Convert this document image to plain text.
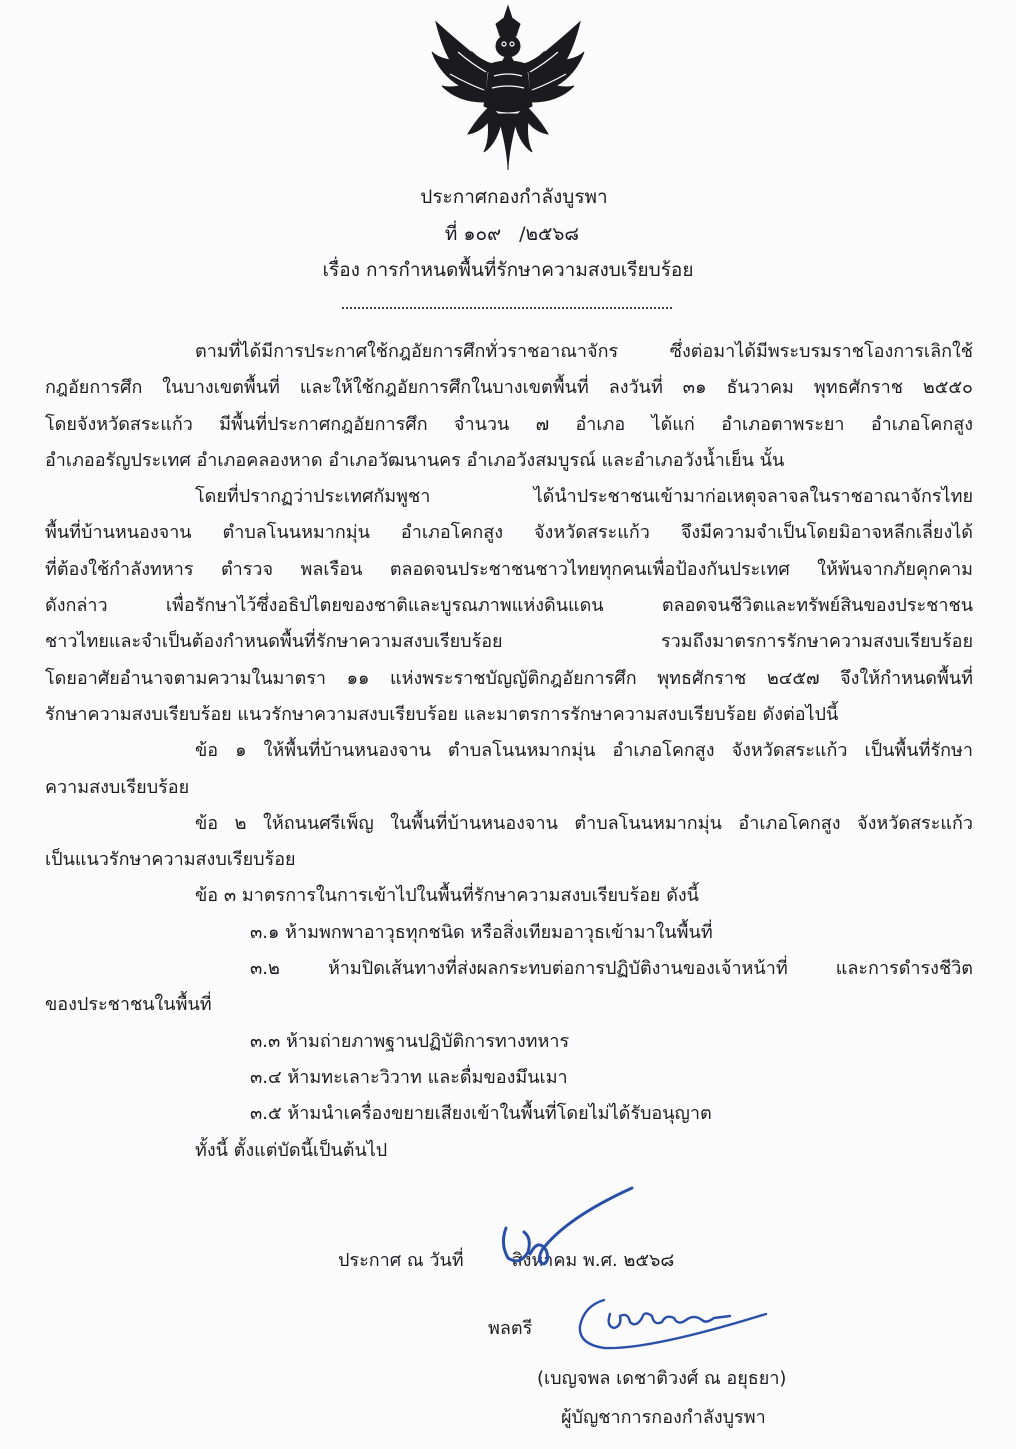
ประกาศกองกำลังบูรพา
ที่ ๑๐๙ /๒๕๖๘
เรื่อง การกำหนดพื้นที่รักษาความสงบเรียบร้อย
ตามที่ได้มีการประกาศใช้กฎอัยการศึกทั่วราชอาณาจักร ซึ่งต่อมาได้มีพระบรมราชโองการเลิกใช้
กฎอัยการศึก ในบางเขตพื้นที่ และให้ใช้กฎอัยการศึกในบางเขตพื้นที่ ลงวันที่ ๓๑ ธันวาคม พุทธศักราช ๒๕๕๐
โดยจังหวัดสระแก้ว มีพื้นที่ประกาศกฎอัยการศึก จำนวน ๗ อำเภอ ได้แก่ อำเภอตาพระยา อำเภอโคกสูง
อำเภออรัญประเทศ อำเภอคลองหาด อำเภอวัฒนานคร อำเภอวังสมบูรณ์ และอำเภอวังน้ำเย็น นั้น
โดยที่ปรากฏว่าประเทศกัมพูชา ได้นำประชาชนเข้ามาก่อเหตุจลาจลในราชอาณาจักรไทย
พื้นที่บ้านหนองจาน ตำบลโนนหมากมุ่น อำเภอโคกสูง จังหวัดสระแก้ว จึงมีความจำเป็นโดยมิอาจหลีกเลี่ยงได้
ที่ต้องใช้กำลังทหาร ตำรวจ พลเรือน ตลอดจนประชาชนชาวไทยทุกคนเพื่อป้องกันประเทศ ให้พ้นจากภัยคุกคาม
ดังกล่าว เพื่อรักษาไว้ซึ่งอธิปไตยของชาติและบูรณภาพแห่งดินแดน ตลอดจนชีวิตและทรัพย์สินของประชาชน
ชาวไทยและจำเป็นต้องกำหนดพื้นที่รักษาความสงบเรียบร้อย รวมถึงมาตรการรักษาความสงบเรียบร้อย
โดยอาศัยอำนาจตามความในมาตรา ๑๑ แห่งพระราชบัญญัติกฎอัยการศึก พุทธศักราช ๒๔๕๗ จึงให้กำหนดพื้นที่
รักษาความสงบเรียบร้อย แนวรักษาความสงบเรียบร้อย และมาตรการรักษาความสงบเรียบร้อย ดังต่อไปนี้
ข้อ ๑ ให้พื้นที่บ้านหนองจาน ตำบลโนนหมากมุ่น อำเภอโคกสูง จังหวัดสระแก้ว เป็นพื้นที่รักษา
ความสงบเรียบร้อย
ข้อ ๒ ให้ถนนศรีเพ็ญ ในพื้นที่บ้านหนองจาน ตำบลโนนหมากมุ่น อำเภอโคกสูง จังหวัดสระแก้ว
เป็นแนวรักษาความสงบเรียบร้อย
ข้อ ๓ มาตรการในการเข้าไปในพื้นที่รักษาความสงบเรียบร้อย ดังนี้
๓.๑ ห้ามพกพาอาวุธทุกชนิด หรือสิ่งเทียมอาวุธเข้ามาในพื้นที่
๓.๒ ห้ามปิดเส้นทางที่ส่งผลกระทบต่อการปฏิบัติงานของเจ้าหน้าที่ และการดำรงชีวิต
ของประชาชนในพื้นที่
๓.๓ ห้ามถ่ายภาพฐานปฏิบัติการทางทหาร
๓.๔ ห้ามทะเลาะวิวาท และดื่มของมึนเมา
๓.๕ ห้ามนำเครื่องขยายเสียงเข้าในพื้นที่โดยไม่ได้รับอนุญาต
ทั้งนี้ ตั้งแต่บัดนี้เป็นต้นไป
ประกาศ ณ วันที่	สิงหาคม พ.ศ. ๒๕๖๘
พลตรี
(เบญจพล เดชาติวงศ์ ณ อยุธยา)
ผู้บัญชาการกองกำลังบูรพา
